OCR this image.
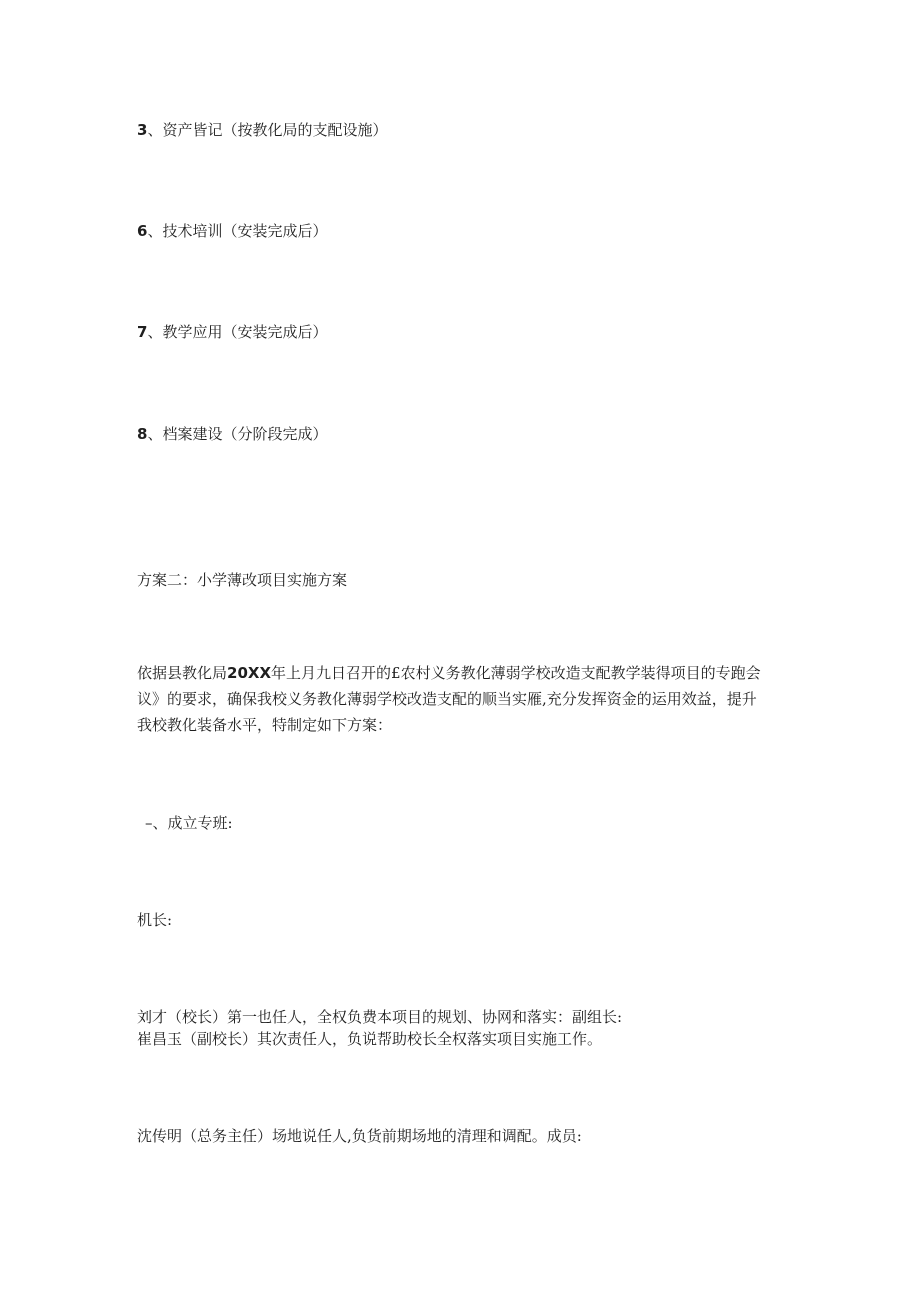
3、资产皆记（按教化局的支配设施）
6、技术培训（安装完成后）
7、教学应用（安装完成后）
8、档案建设（分阶段完成）
方案二：小学薄改项目实施方案

依据县教化局20XX年上月九日召开的£农村义务教化薄弱学校改造支配教学装得项目的专跑会

议》的要求，确保我校义务教化薄弱学校改造支配的顺当实雁,充分发挥资金的运用效益，提升

我校教化装备水平，特制定如下方案：

–、成立专班:
机长:

刘才（校长）第一也任人，全权负费本项目的规划、协网和落实：副组长:

崔昌玉（副校长）其次责任人，负说帮助校长全权落实项目实施工作。

沈传明（总务主任）场地说任人,负货前期场地的清理和调配。成员:
